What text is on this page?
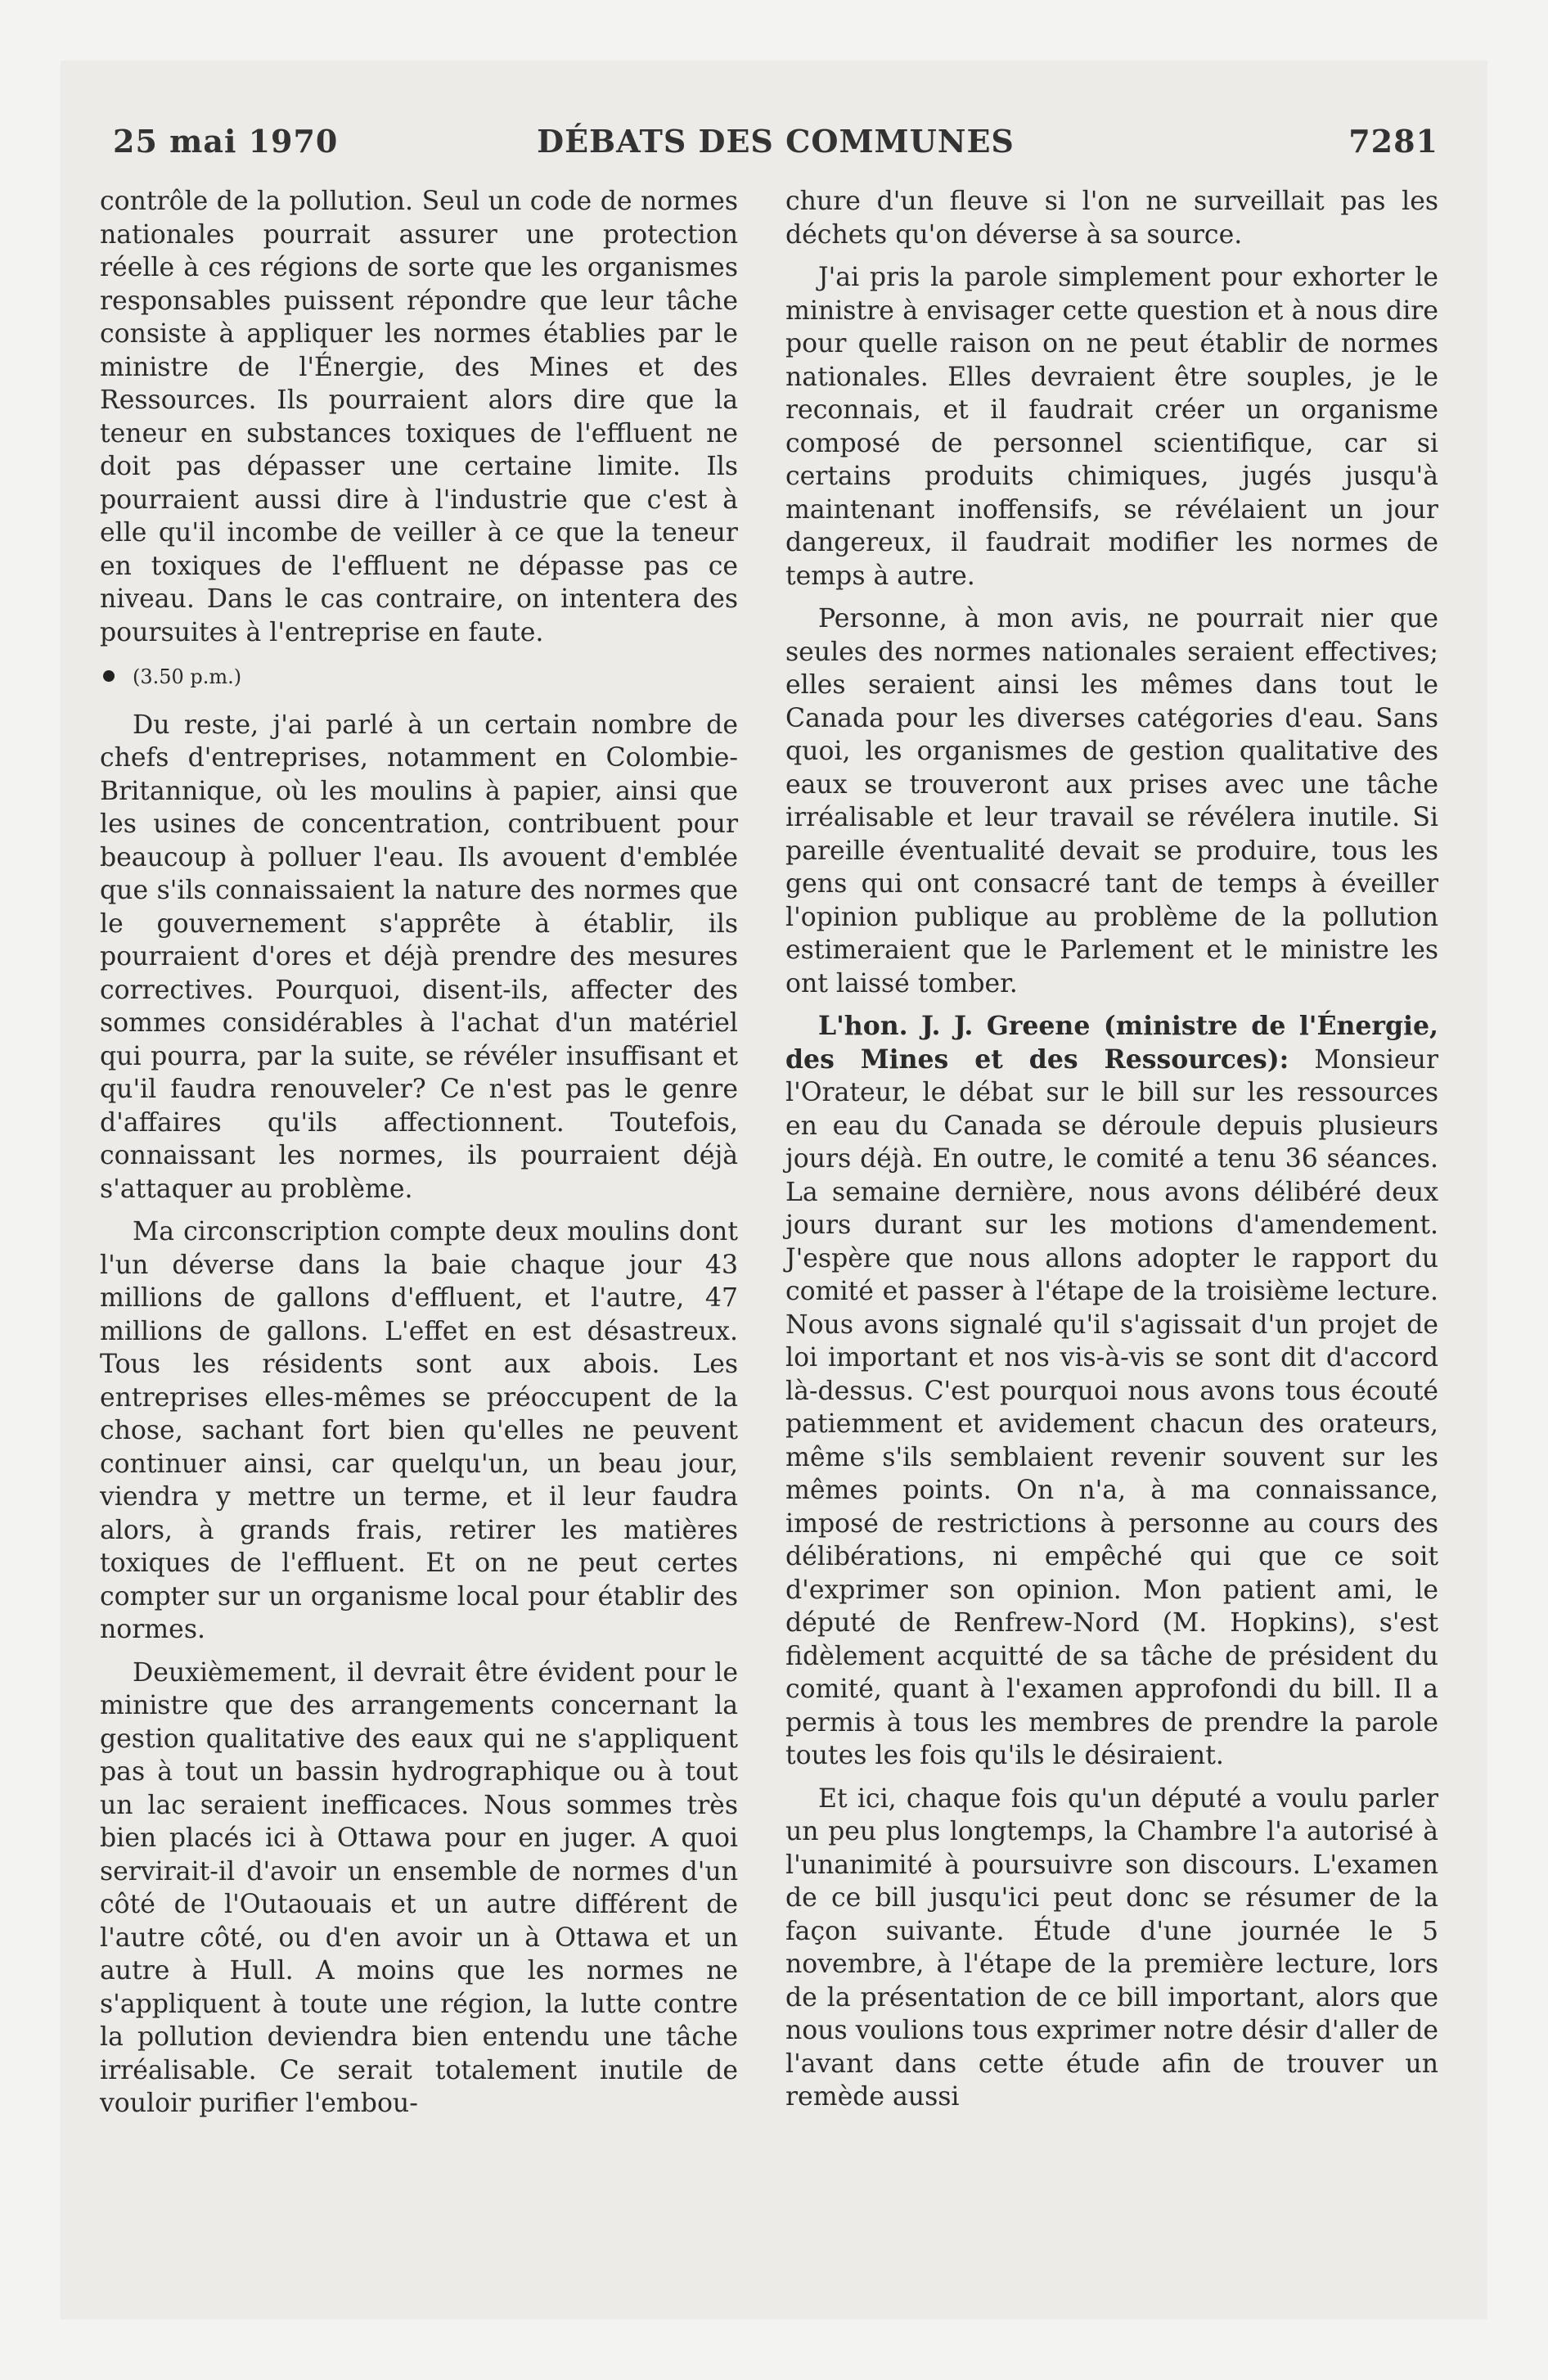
25 mai 1970	DÉBATS DES COMMUNES	7281

contrôle de la pollution. Seul un code de normes nationales pourrait assurer une protection réelle à ces régions de sorte que les organismes responsables puissent répondre que leur tâche consiste à appliquer les normes établies par le ministre de l'Énergie, des Mines et des Ressources. Ils pourraient alors dire que la teneur en substances toxiques de l'effluent ne doit pas dépasser une certaine limite. Ils pourraient aussi dire à l'industrie que c'est à elle qu'il incombe de veiller à ce que la teneur en toxiques de l'effluent ne dépasse pas ce niveau. Dans le cas contraire, on intentera des poursuites à l'entreprise en faute.

(3.50 p.m.)

Du reste, j'ai parlé à un certain nombre de chefs d'entreprises, notamment en Colombie-Britannique, où les moulins à papier, ainsi que les usines de concentration, contribuent pour beaucoup à polluer l'eau. Ils avouent d'emblée que s'ils connaissaient la nature des normes que le gouvernement s'apprête à établir, ils pourraient d'ores et déjà prendre des mesures correctives. Pourquoi, disent-ils, affecter des sommes considérables à l'achat d'un matériel qui pourra, par la suite, se révéler insuffisant et qu'il faudra renouveler? Ce n'est pas le genre d'affaires qu'ils affectionnent. Toutefois, connaissant les normes, ils pourraient déjà s'attaquer au problème.

Ma circonscription compte deux moulins dont l'un déverse dans la baie chaque jour 43 millions de gallons d'effluent, et l'autre, 47 millions de gallons. L'effet en est désastreux. Tous les résidents sont aux abois. Les entreprises elles-mêmes se préoccupent de la chose, sachant fort bien qu'elles ne peuvent continuer ainsi, car quelqu'un, un beau jour, viendra y mettre un terme, et il leur faudra alors, à grands frais, retirer les matières toxiques de l'effluent. Et on ne peut certes compter sur un organisme local pour établir des normes.

Deuxièmement, il devrait être évident pour le ministre que des arrangements concernant la gestion qualitative des eaux qui ne s'appliquent pas à tout un bassin hydrographique ou à tout un lac seraient inefficaces. Nous sommes très bien placés ici à Ottawa pour en juger. A quoi servirait-il d'avoir un ensemble de normes d'un côté de l'Outaouais et un autre différent de l'autre côté, ou d'en avoir un à Ottawa et un autre à Hull. A moins que les normes ne s'appliquent à toute une région, la lutte contre la pollution deviendra bien entendu une tâche irréalisable. Ce serait totalement inutile de vouloir purifier l'embou-

chure d'un fleuve si l'on ne surveillait pas les déchets qu'on déverse à sa source.

J'ai pris la parole simplement pour exhorter le ministre à envisager cette question et à nous dire pour quelle raison on ne peut établir de normes nationales. Elles devraient être souples, je le reconnais, et il faudrait créer un organisme composé de personnel scientifique, car si certains produits chimiques, jugés jusqu'à maintenant inoffensifs, se révélaient un jour dangereux, il faudrait modifier les normes de temps à autre.

Personne, à mon avis, ne pourrait nier que seules des normes nationales seraient effectives; elles seraient ainsi les mêmes dans tout le Canada pour les diverses catégories d'eau. Sans quoi, les organismes de gestion qualitative des eaux se trouveront aux prises avec une tâche irréalisable et leur travail se révélera inutile. Si pareille éventualité devait se produire, tous les gens qui ont consacré tant de temps à éveiller l'opinion publique au problème de la pollution estimeraient que le Parlement et le ministre les ont laissé tomber.

L'hon. J. J. Greene (ministre de l'Énergie, des Mines et des Ressources): Monsieur l'Orateur, le débat sur le bill sur les ressources en eau du Canada se déroule depuis plusieurs jours déjà. En outre, le comité a tenu 36 séances. La semaine dernière, nous avons délibéré deux jours durant sur les motions d'amendement. J'espère que nous allons adopter le rapport du comité et passer à l'étape de la troisième lecture. Nous avons signalé qu'il s'agissait d'un projet de loi important et nos vis-à-vis se sont dit d'accord là-dessus. C'est pourquoi nous avons tous écouté patiemment et avidement chacun des orateurs, même s'ils semblaient revenir souvent sur les mêmes points. On n'a, à ma connaissance, imposé de restrictions à personne au cours des délibérations, ni empêché qui que ce soit d'exprimer son opinion. Mon patient ami, le député de Renfrew-Nord (M. Hopkins), s'est fidèlement acquitté de sa tâche de président du comité, quant à l'examen approfondi du bill. Il a permis à tous les membres de prendre la parole toutes les fois qu'ils le désiraient.

Et ici, chaque fois qu'un député a voulu parler un peu plus longtemps, la Chambre l'a autorisé à l'unanimité à poursuivre son discours. L'examen de ce bill jusqu'ici peut donc se résumer de la façon suivante. Étude d'une journée le 5 novembre, à l'étape de la première lecture, lors de la présentation de ce bill important, alors que nous voulions tous exprimer notre désir d'aller de l'avant dans cette étude afin de trouver un remède aussi
